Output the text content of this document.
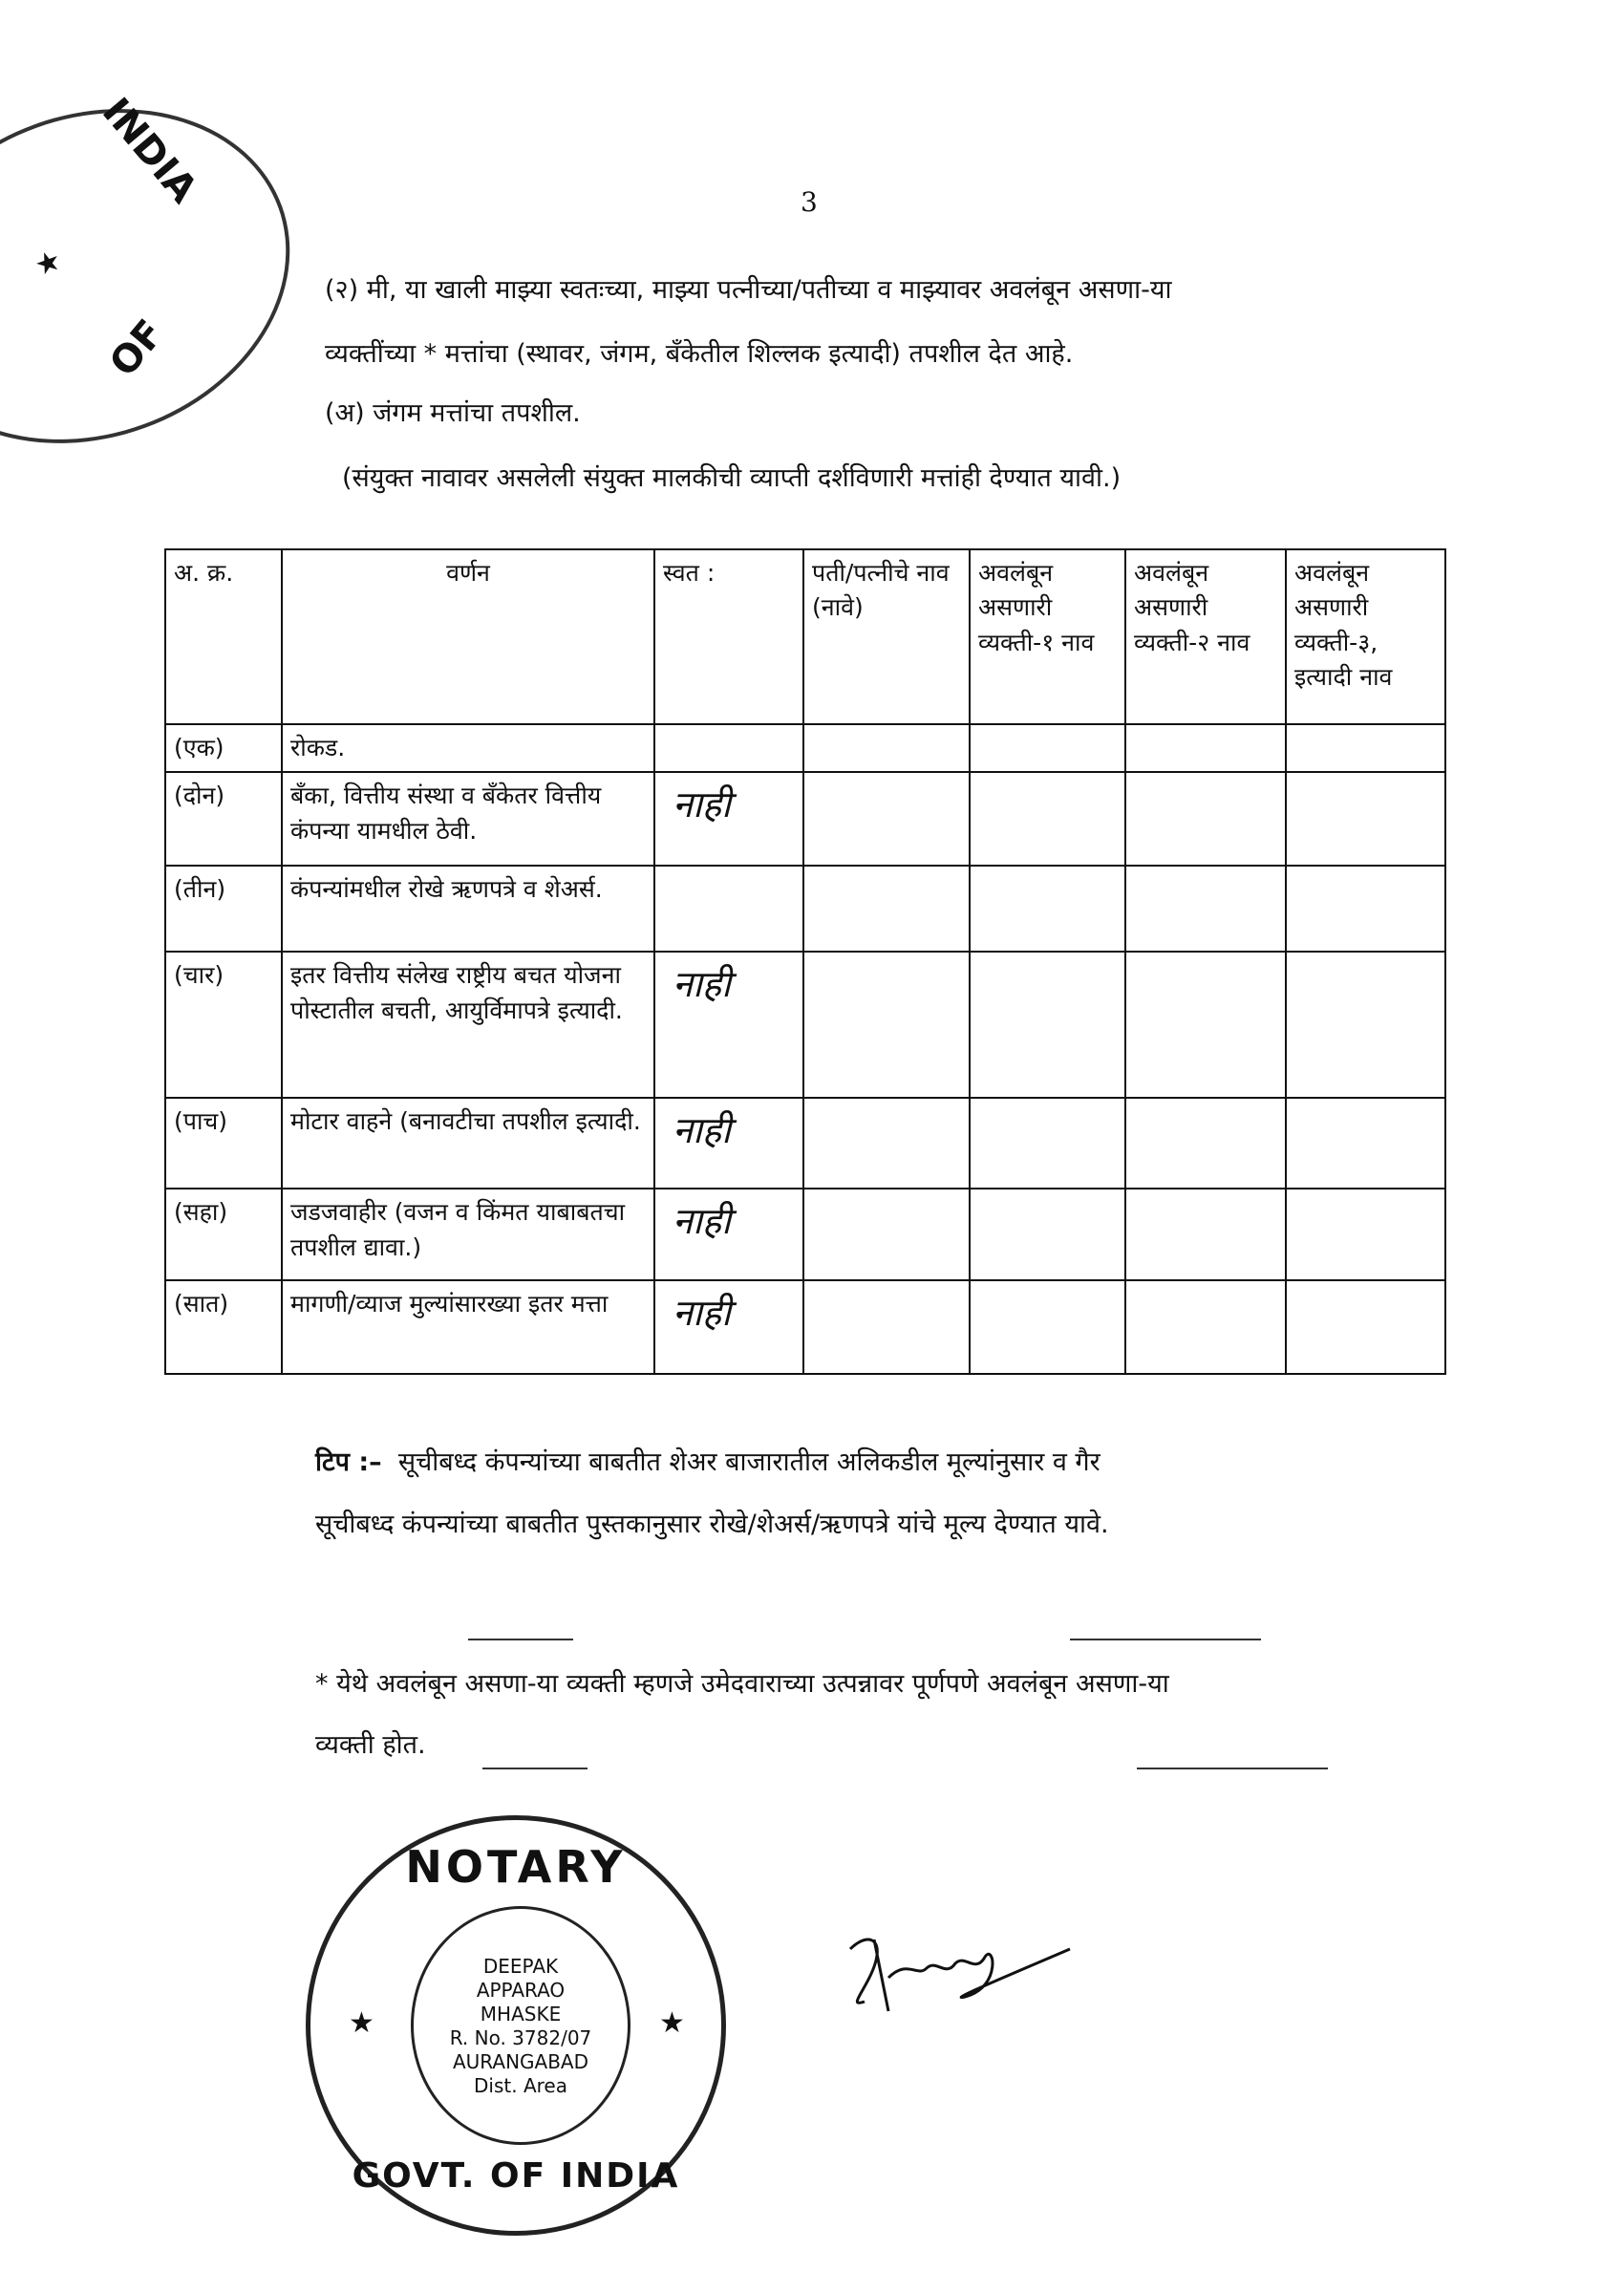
INDIA
OF
★
3
(२) मी, या खाली माझ्या स्वतःच्या, माझ्या पत्नीच्या/पतीच्या व माझ्यावर अवलंबून असणा-या
व्यक्तींच्या * मत्तांचा (स्थावर, जंगम, बँकेतील शिल्लक इत्यादी) तपशील देत आहे.
(अ) जंगम मत्तांचा तपशील.
(संयुक्त नावावर असलेली संयुक्त मालकीची व्याप्ती दर्शविणारी मत्तांही देण्यात यावी.)
अ. क्र.	वर्णन	स्वत :	पती/पत्नीचे नाव (नावे)	अवलंबून असणारी व्यक्ती-१ नाव	अवलंबून असणारी व्यक्ती-२ नाव	अवलंबून असणारी व्यक्ती-३, इत्यादी नाव
(एक)	रोकड.					
(दोन)	बँका, वित्तीय संस्था व बँकेतर वित्तीय कंपन्या यामधील ठेवी.	नाही				
(तीन)	कंपन्यांमधील रोखे ऋणपत्रे व शेअर्स.					
(चार)	इतर वित्तीय संलेख राष्ट्रीय बचत योजना पोस्टातील बचती, आयुर्विमापत्रे इत्यादी.	नाही				
(पाच)	मोटार वाहने (बनावटीचा तपशील इत्यादी.	नाही				
(सहा)	जडजवाहीर (वजन व किंमत याबाबतचा तपशील द्यावा.)	नाही				
(सात)	मागणी/व्याज मुल्यांसारख्या इतर मत्ता	नाही				
टिप :– सूचीबध्द कंपन्यांच्या बाबतीत शेअर बाजारातील अलिकडील मूल्यांनुसार व गैर
सूचीबध्द कंपन्यांच्या बाबतीत पुस्तकानुसार रोखे/शेअर्स/ऋणपत्रे यांचे मूल्य देण्यात यावे.
* येथे अवलंबून असणा-या व्यक्ती म्हणजे उमेदवाराच्या उत्पन्नावर पूर्णपणे अवलंबून असणा-या
व्यक्ती होत.
NOTARY
GOVT. OF INDIA
★	★
DEEPAK
APPARAO
MHASKE
R. No. 3782/07
AURANGABAD
Dist. Area
